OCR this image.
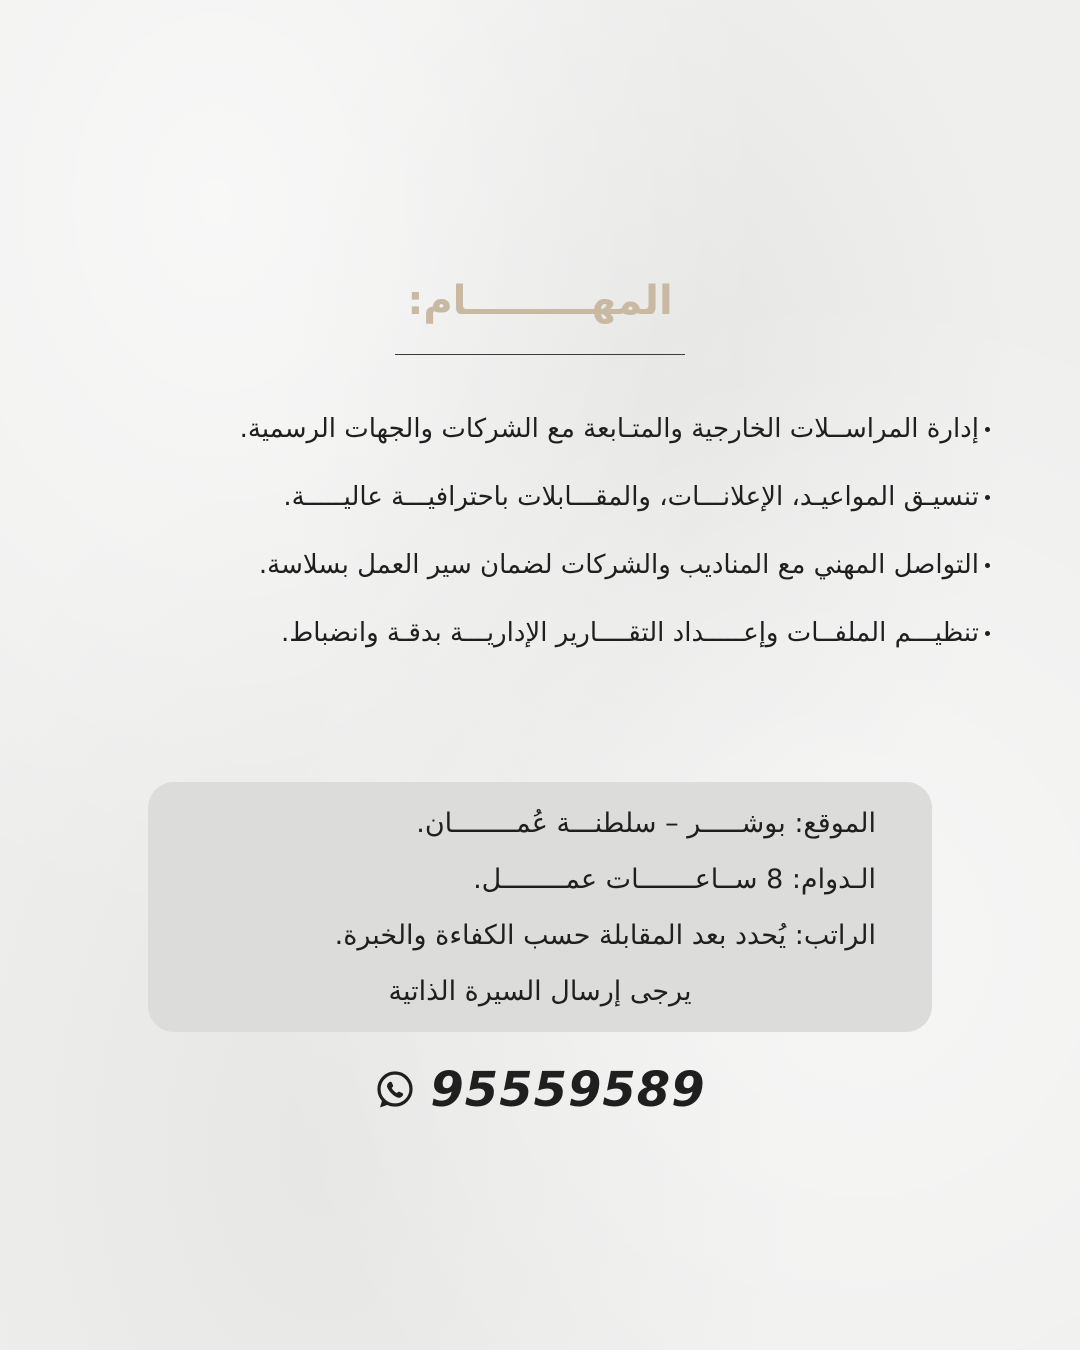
المهـــــــــام:
إدارة المراســلات الخارجية والمتـابعة مع الشركات والجهات الرسمية.
تنسيـق المواعيـد، الإعلانـــات، والمقـــابلات باحترافيـــة عاليـــــة.
التواصل المهني مع المناديب والشركات لضمان سير العمل بسلاسة.
تنظيـــم الملفــات وإعـــــداد التقــــارير الإداريـــة بدقـة وانضباط.
الموقع: بوشـــــر – سلطنـــة عُمــــــــان.
الـدوام: 8 ســاعـــــــات عمــــــــل.
الراتب: يُحدد بعد المقابلة حسب الكفاءة والخبرة.
يرجى إرسال السيرة الذاتية
95559589
